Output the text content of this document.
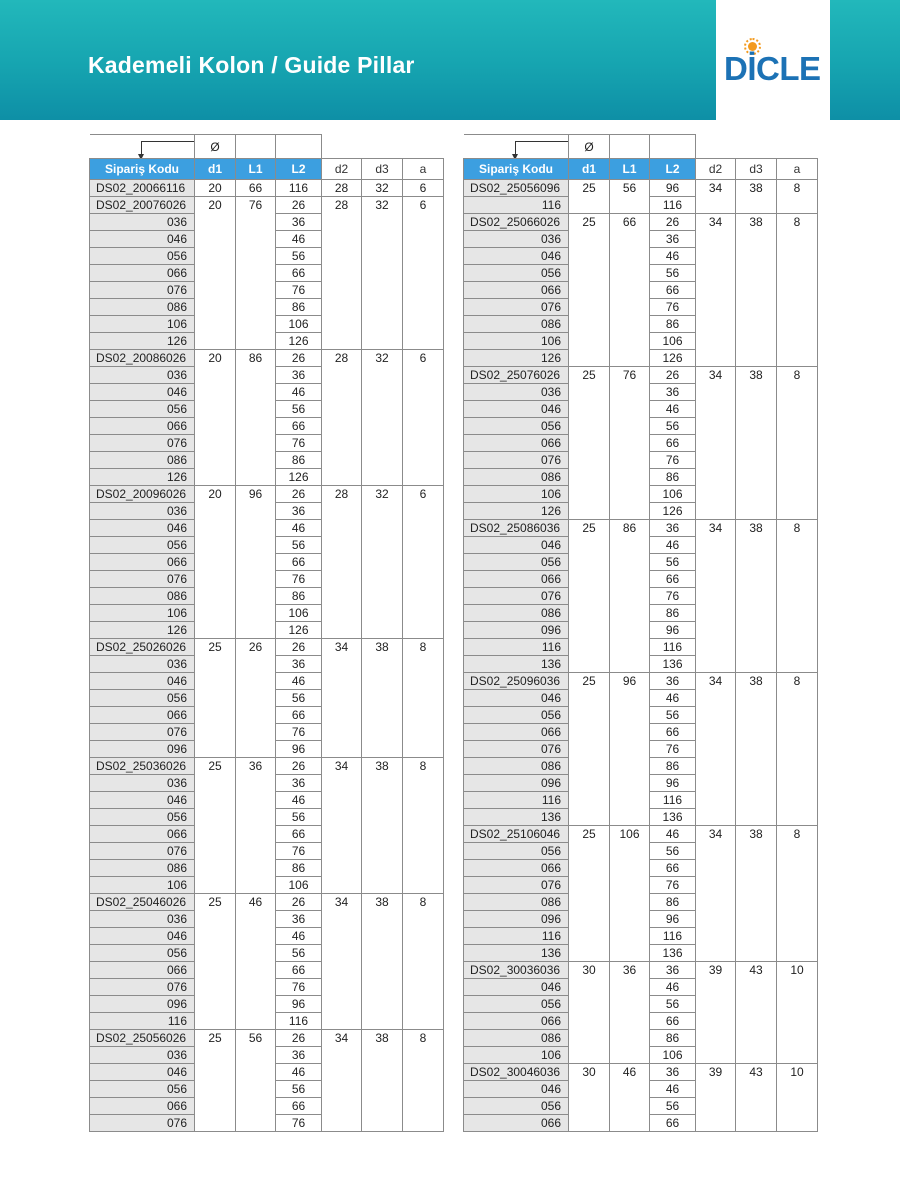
Kademeli Kolon / Guide Pillar	DİCLE
	Ø					
Sipariş Kodu	d1	L1	L2	d2	d3	a
DS02_20066116	20	66	116	28	32	6
DS02_20076026	20	76	26	28	32	6
036			36			
046			46			
056			56			
066			66			
076			76			
086			86			
106			106			
126			126			
DS02_20086026	20	86	26	28	32	6
036			36			
046			46			
056			56			
066			66			
076			76			
086			86			
126			126			
DS02_20096026	20	96	26	28	32	6
036			36			
046			46			
056			56			
066			66			
076			76			
086			86			
106			106			
126			126			
DS02_25026026	25	26	26	34	38	8
036			36			
046			46			
056			56			
066			66			
076			76			
096			96			
DS02_25036026	25	36	26	34	38	8
036			36			
046			46			
056			56			
066			66			
076			76			
086			86			
106			106			
DS02_25046026	25	46	26	34	38	8
036			36			
046			46			
056			56			
066			66			
076			76			
096			96			
116			116			
DS02_25056026	25	56	26	34	38	8
036			36			
046			46			
056			56			
066			66			
076			76			
	Ø					
Sipariş Kodu	d1	L1	L2	d2	d3	a
DS02_25056096	25	56	96	34	38	8
116			116			
DS02_25066026	25	66	26	34	38	8
036			36			
046			46			
056			56			
066			66			
076			76			
086			86			
106			106			
126			126			
DS02_25076026	25	76	26	34	38	8
036			36			
046			46			
056			56			
066			66			
076			76			
086			86			
106			106			
126			126			
DS02_25086036	25	86	36	34	38	8
046			46			
056			56			
066			66			
076			76			
086			86			
096			96			
116			116			
136			136			
DS02_25096036	25	96	36	34	38	8
046			46			
056			56			
066			66			
076			76			
086			86			
096			96			
116			116			
136			136			
DS02_25106046	25	106	46	34	38	8
056			56			
066			66			
076			76			
086			86			
096			96			
116			116			
136			136			
DS02_30036036	30	36	36	39	43	10
046			46			
056			56			
066			66			
086			86			
106			106			
DS02_30046036	30	46	36	39	43	10
046			46			
056			56			
066			66			
